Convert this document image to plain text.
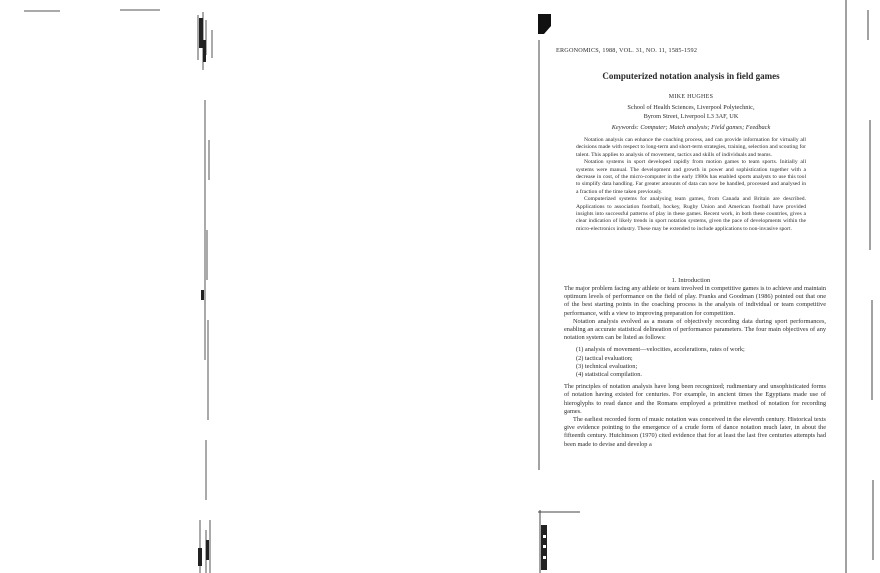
ERGONOMICS, 1988, VOL. 31, NO. 11, 1585-1592
Computerized notation analysis in field games
MIKE HUGHES
School of Health Sciences, Liverpool Polytechnic,
Byrom Street, Liverpool L3 3AF, UK
Keywords: Computer; Match analysis; Field games; Feedback

Notation analysis can enhance the coaching process, and can provide information for virtually all decisions made with respect to long-term and short-term strategies, training, selection and scouting for talent. This applies to analysis of movement, tactics and skills of individuals and teams.

Notation systems in sport developed rapidly from motion games to team sports. Initially all systems were manual. The development and growth in power and sophistication together with a decrease in cost, of the micro-computer in the early 1980s has enabled sports analysts to use this tool to simplify data handling. Far greater amounts of data can now be handled, processed and analysed in a fraction of the time taken previously.

Computerized systems for analysing team games, from Canada and Britain are described. Applications to association football, hockey, Rugby Union and American football have provided insights into successful patterns of play in these games. Recent work, in both these countries, gives a clear indication of likely trends in sport notation systems, given the pace of developments within the micro-electronics industry. These may be extended to include applications to non-invasive sport.

1. Introduction

The major problem facing any athlete or team involved in competitive games is to achieve and maintain optimum levels of performance on the field of play. Franks and Goodman (1986) pointed out that one of the best starting points in the coaching process is the analysis of individual or team competitive performance, with a view to improving preparation for competition.

Notation analysis evolved as a means of objectively recording data during sport performances, enabling an accurate statistical delineation of performance parameters. The four main objectives of any notation system can be listed as follows:

(1) analysis of movement—velocities, accelerations, rates of work;
(2) tactical evaluation;
(3) technical evaluation;
(4) statistical compilation.

The principles of notation analysis have long been recognized; rudimentary and unsophisticated forms of notation having existed for centuries. For example, in ancient times the Egyptians made use of hieroglyphs to read dance and the Romans employed a primitive method of notation for recording games.

The earliest recorded form of music notation was conceived in the eleventh century. Historical texts give evidence pointing to the emergence of a crude form of dance notation much later, in about the fifteenth century. Hutchinson (1970) cited evidence that for at least the last five centuries attempts had been made to devise and develop a
